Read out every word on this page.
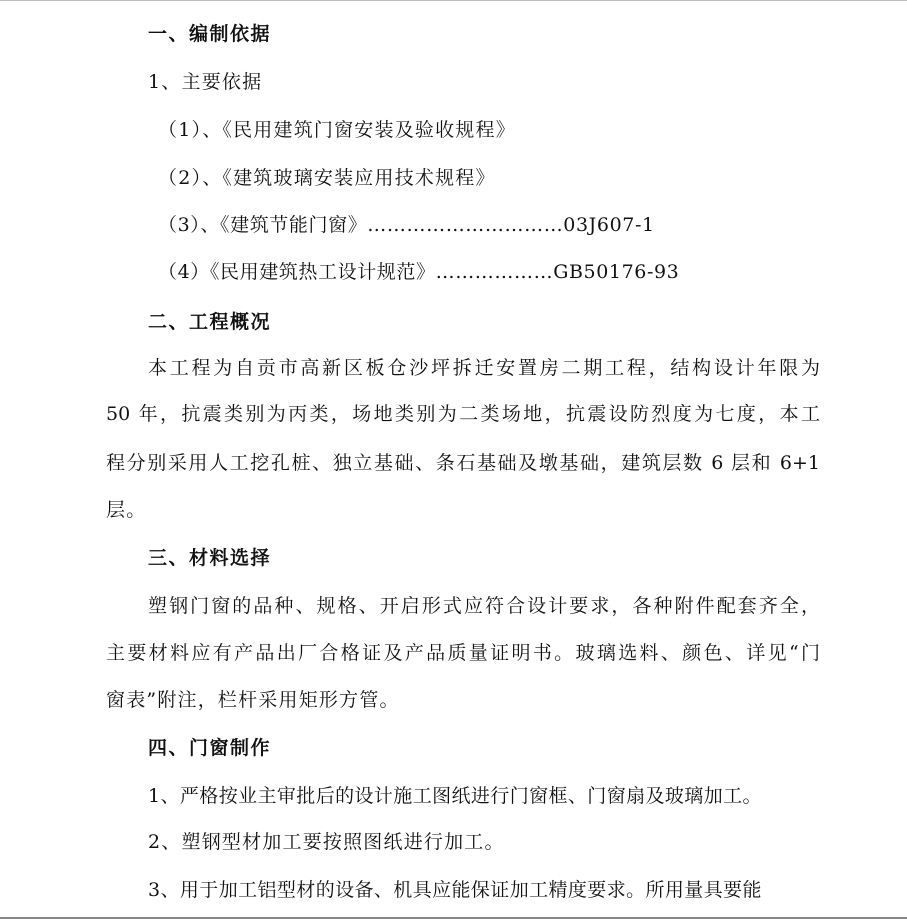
一、编制依据
1、主要依据
（1）、《民用建筑门窗安装及验收规程》
（2）、《建筑玻璃安装应用技术规程》
（3）、《建筑节能门窗》…………………………03J607-1
（4）《民用建筑热工设计规范》………………GB50176-93
二、工程概况
本工程为自贡市高新区板仓沙坪拆迁安置房二期工程，结构设计年限为
50 年，抗震类别为丙类，场地类别为二类场地，抗震设防烈度为七度，本工
程分别采用人工挖孔桩、独立基础、条石基础及墩基础，建筑层数 6 层和 6+1
层。
三、材料选择
塑钢门窗的品种、规格、开启形式应符合设计要求，各种附件配套齐全，
主要材料应有产品出厂合格证及产品质量证明书。玻璃选料、颜色、详见“门
窗表”附注，栏杆采用矩形方管。
四、门窗制作
1、严格按业主审批后的设计施工图纸进行门窗框、门窗扇及玻璃加工。
2、塑钢型材加工要按照图纸进行加工。
3、用于加工铝型材的设备、机具应能保证加工精度要求。所用量具要能
